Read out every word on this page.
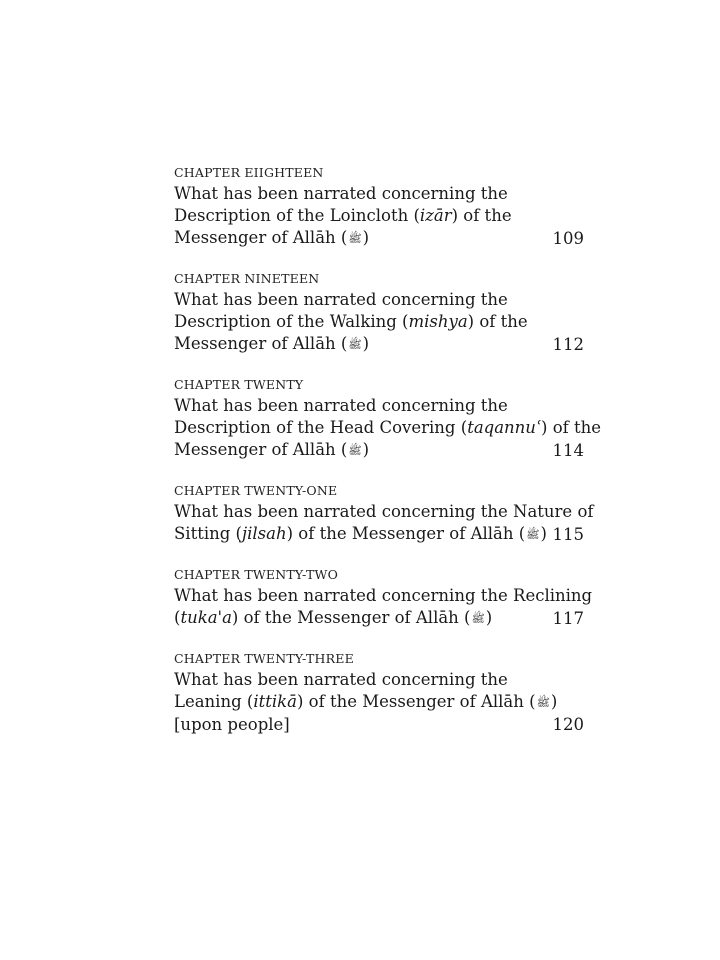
CHAPTER EIIGHTEEN
What has been narrated concerning the
Description of the Loincloth (izār) of the
Messenger of Allāh (ﷺ)	109
CHAPTER NINETEEN
What has been narrated concerning the
Description of the Walking (mishya) of the
Messenger of Allāh (ﷺ)	112
CHAPTER TWENTY
What has been narrated concerning the
Description of the Head Covering (taqannuʿ) of the
Messenger of Allāh (ﷺ)	114
CHAPTER TWENTY-ONE
What has been narrated concerning the Nature of
Sitting (jilsah) of the Messenger of Allāh (ﷺ) 115
CHAPTER TWENTY-TWO
What has been narrated concerning the Reclining
(tuka'a) of the Messenger of Allāh (ﷺ)	117
CHAPTER TWENTY-THREE
What has been narrated concerning the
Leaning (ittikā) of the Messenger of Allāh (ﷺ)
[upon people]	120
